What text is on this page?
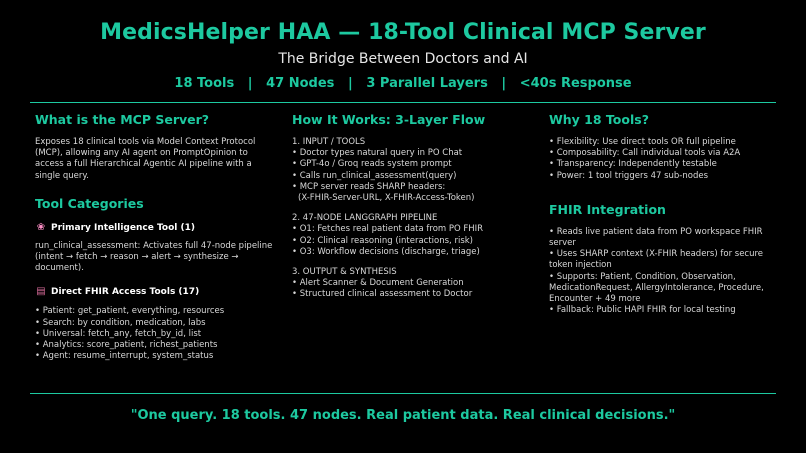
MedicsHelper HAA — 18-Tool Clinical MCP Server
The Bridge Between Doctors and AI
18 Tools   |   47 Nodes   |   3 Parallel Layers   |   <40s Response
What is the MCP Server?
Exposes 18 clinical tools via Model Context Protocol (MCP), allowing any AI agent on PromptOpinion to access a full Hierarchical Agentic AI pipeline with a single query.
Tool Categories
❀ Primary Intelligence Tool (1)
run_clinical_assessment: Activates full 47-node pipeline (intent → fetch → reason → alert → synthesize → document).
▤ Direct FHIR Access Tools (17)
• Patient: get_patient, everything, resources
• Search: by condition, medication, labs
• Universal: fetch_any, fetch_by_id, list
• Analytics: score_patient, richest_patients
• Agent: resume_interrupt, system_status
How It Works: 3-Layer Flow
1. INPUT / TOOLS
• Doctor types natural query in PO Chat
• GPT-4o / Groq reads system prompt
• Calls run_clinical_assessment(query)
• MCP server reads SHARP headers:
(X-FHIR-Server-URL, X-FHIR-Access-Token)
2. 47-NODE LANGGRAPH PIPELINE
• O1: Fetches real patient data from PO FHIR
• O2: Clinical reasoning (interactions, risk)
• O3: Workflow decisions (discharge, triage)
3. OUTPUT & SYNTHESIS
• Alert Scanner & Document Generation
• Structured clinical assessment to Doctor
Why 18 Tools?
• Flexibility: Use direct tools OR full pipeline
• Composability: Call individual tools via A2A
• Transparency: Independently testable
• Power: 1 tool triggers 47 sub-nodes
FHIR Integration
• Reads live patient data from PO workspace FHIR server
• Uses SHARP context (X-FHIR headers) for secure token injection
• Supports: Patient, Condition, Observation, MedicationRequest, AllergyIntolerance, Procedure, Encounter + 49 more
• Fallback: Public HAPI FHIR for local testing
"One query. 18 tools. 47 nodes. Real patient data. Real clinical decisions."
